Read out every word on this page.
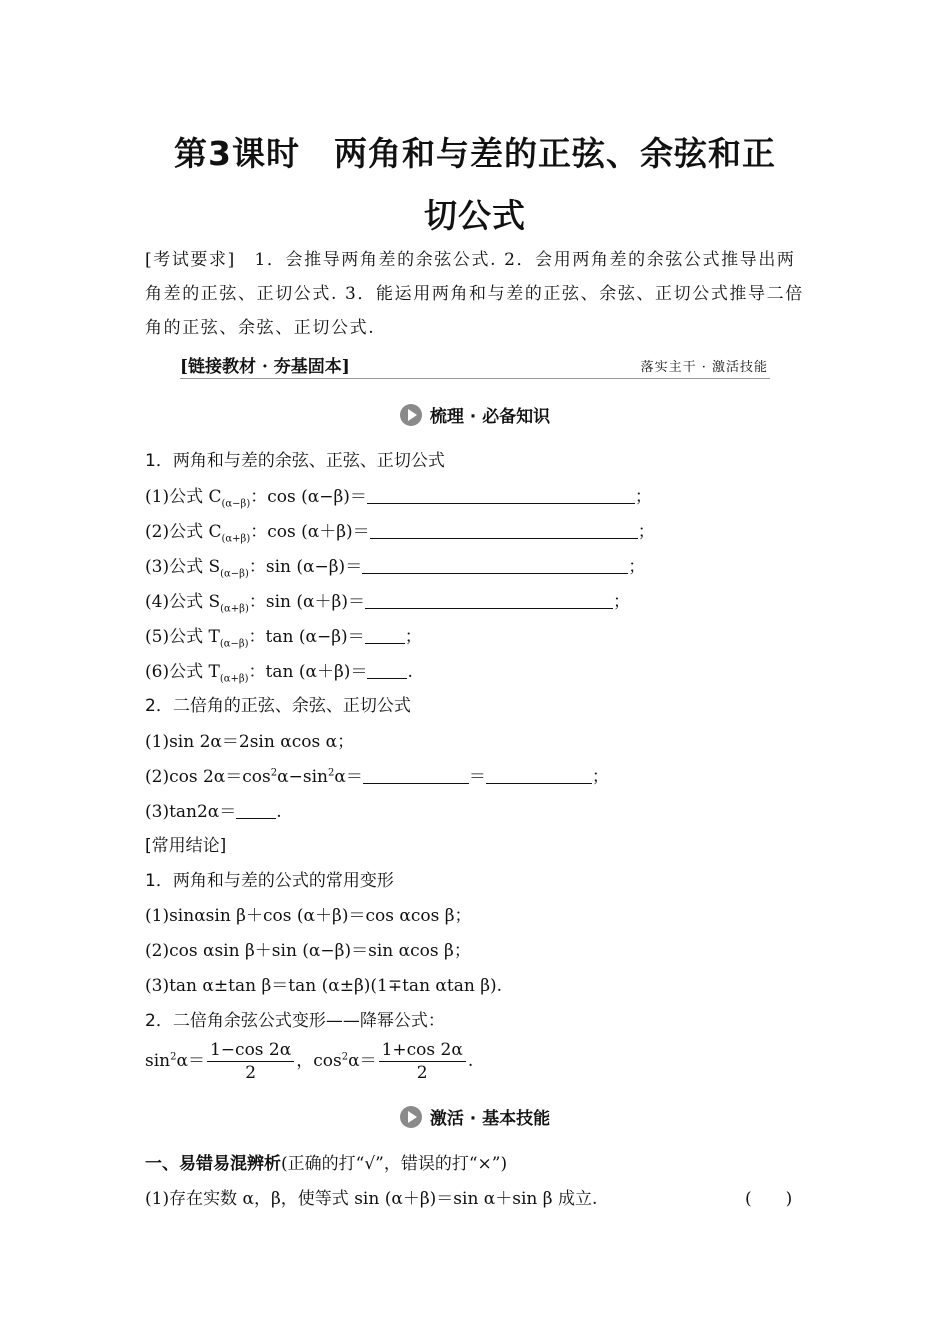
第3课时　两角和与差的正弦、余弦和正
切公式
[考试要求]　1．会推导两角差的余弦公式. 2．会用两角差的余弦公式推导出两角差的正弦、正切公式. 3．能运用两角和与差的正弦、余弦、正切公式推导二倍角的正弦、余弦、正切公式.
[链接教材 · 夯基固本]	落实主干 · 激活技能
梳理 · 必备知识
1．两角和与差的余弦、正弦、正切公式
(1)公式 $C_{(\alpha-\beta)}$：cos (α−β)＝	；
(2)公式 $C_{(\alpha+\beta)}$：cos (α＋β)＝	；
(3)公式 $S_{(\alpha-\beta)}$：sin (α−β)＝	；
(4)公式 $S_{(\alpha+\beta)}$：sin (α＋β)＝	；
(5)公式 $T_{(\alpha-\beta)}$：tan (α−β)＝ ；
(6)公式 $T_{(\alpha+\beta)}$：tan (α＋β)＝ .
2．二倍角的正弦、余弦、正切公式
(1)sin 2α＝2sin αcos α；
(2)cos $2\alpha=\cos^2\alpha-\sin^2\alpha=$	＝	；
(3)tan2α＝ .
[常用结论]
1．两角和与差的公式的常用变形
(1)sinαsin β＋cos (α＋β)＝cos αcos β；
(2)cos αsin β＋sin (α−β)＝sin αcos β；
(3)tan α±tan β＝tan (α±β)(1∓tan αtan β).
2．二倍角余弦公式变形——降幂公式：
$\sin^2\alpha= \frac{1-\cos 2\alpha}{2}$ ，$\cos^2\alpha= \frac{1+\cos 2\alpha}{2}$ .
激活 · 基本技能
一、易错易混辨析(正确的打“√”，错误的打“×”)
(1)存在实数 α，β，使等式 sin (α＋β)＝sin α＋sin β 成立.	(　　)
